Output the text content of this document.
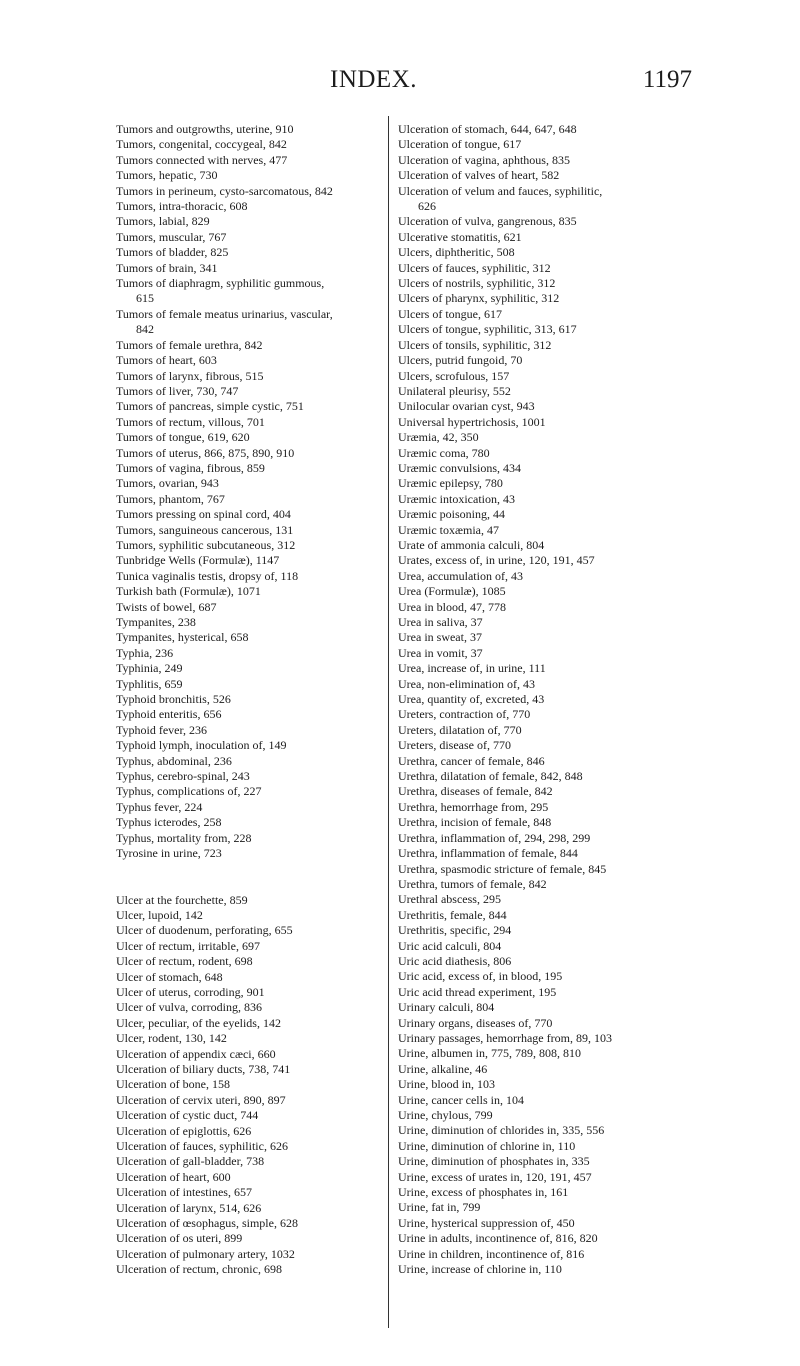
INDEX.	1197
Tumors and outgrowths, uterine, 910
Tumors, congenital, coccygeal, 842
Tumors connected with nerves, 477
Tumors, hepatic, 730
Tumors in perineum, cysto-sarcomatous, 842
Tumors, intra-thoracic, 608
Tumors, labial, 829
Tumors, muscular, 767
Tumors of bladder, 825
Tumors of brain, 341
Tumors of diaphragm, syphilitic gummous,
615
Tumors of female meatus urinarius, vascular,
842
Tumors of female urethra, 842
Tumors of heart, 603
Tumors of larynx, fibrous, 515
Tumors of liver, 730, 747
Tumors of pancreas, simple cystic, 751
Tumors of rectum, villous, 701
Tumors of tongue, 619, 620
Tumors of uterus, 866, 875, 890, 910
Tumors of vagina, fibrous, 859
Tumors, ovarian, 943
Tumors, phantom, 767
Tumors pressing on spinal cord, 404
Tumors, sanguineous cancerous, 131
Tumors, syphilitic subcutaneous, 312
Tunbridge Wells (Formulæ), 1147
Tunica vaginalis testis, dropsy of, 118
Turkish bath (Formulæ), 1071
Twists of bowel, 687
Tympanites, 238
Tympanites, hysterical, 658
Typhia, 236
Typhinia, 249
Typhlitis, 659
Typhoid bronchitis, 526
Typhoid enteritis, 656
Typhoid fever, 236
Typhoid lymph, inoculation of, 149
Typhus, abdominal, 236
Typhus, cerebro-spinal, 243
Typhus, complications of, 227
Typhus fever, 224
Typhus icterodes, 258
Typhus, mortality from, 228
Tyrosine in urine, 723
Ulcer at the fourchette, 859
Ulcer, lupoid, 142
Ulcer of duodenum, perforating, 655
Ulcer of rectum, irritable, 697
Ulcer of rectum, rodent, 698
Ulcer of stomach, 648
Ulcer of uterus, corroding, 901
Ulcer of vulva, corroding, 836
Ulcer, peculiar, of the eyelids, 142
Ulcer, rodent, 130, 142
Ulceration of appendix cæci, 660
Ulceration of biliary ducts, 738, 741
Ulceration of bone, 158
Ulceration of cervix uteri, 890, 897
Ulceration of cystic duct, 744
Ulceration of epiglottis, 626
Ulceration of fauces, syphilitic, 626
Ulceration of gall-bladder, 738
Ulceration of heart, 600
Ulceration of intestines, 657
Ulceration of larynx, 514, 626
Ulceration of œsophagus, simple, 628
Ulceration of os uteri, 899
Ulceration of pulmonary artery, 1032
Ulceration of rectum, chronic, 698
Ulceration of stomach, 644, 647, 648
Ulceration of tongue, 617
Ulceration of vagina, aphthous, 835
Ulceration of valves of heart, 582
Ulceration of velum and fauces, syphilitic,
626
Ulceration of vulva, gangrenous, 835
Ulcerative stomatitis, 621
Ulcers, diphtheritic, 508
Ulcers of fauces, syphilitic, 312
Ulcers of nostrils, syphilitic, 312
Ulcers of pharynx, syphilitic, 312
Ulcers of tongue, 617
Ulcers of tongue, syphilitic, 313, 617
Ulcers of tonsils, syphilitic, 312
Ulcers, putrid fungoid, 70
Ulcers, scrofulous, 157
Unilateral pleurisy, 552
Unilocular ovarian cyst, 943
Universal hypertrichosis, 1001
Uræmia, 42, 350
Uræmic coma, 780
Uræmic convulsions, 434
Uræmic epilepsy, 780
Uræmic intoxication, 43
Uræmic poisoning, 44
Uræmic toxæmia, 47
Urate of ammonia calculi, 804
Urates, excess of, in urine, 120, 191, 457
Urea, accumulation of, 43
Urea (Formulæ), 1085
Urea in blood, 47, 778
Urea in saliva, 37
Urea in sweat, 37
Urea in vomit, 37
Urea, increase of, in urine, 111
Urea, non-elimination of, 43
Urea, quantity of, excreted, 43
Ureters, contraction of, 770
Ureters, dilatation of, 770
Ureters, disease of, 770
Urethra, cancer of female, 846
Urethra, dilatation of female, 842, 848
Urethra, diseases of female, 842
Urethra, hemorrhage from, 295
Urethra, incision of female, 848
Urethra, inflammation of, 294, 298, 299
Urethra, inflammation of female, 844
Urethra, spasmodic stricture of female, 845
Urethra, tumors of female, 842
Urethral abscess, 295
Urethritis, female, 844
Urethritis, specific, 294
Uric acid calculi, 804
Uric acid diathesis, 806
Uric acid, excess of, in blood, 195
Uric acid thread experiment, 195
Urinary calculi, 804
Urinary organs, diseases of, 770
Urinary passages, hemorrhage from, 89, 103
Urine, albumen in, 775, 789, 808, 810
Urine, alkaline, 46
Urine, blood in, 103
Urine, cancer cells in, 104
Urine, chylous, 799
Urine, diminution of chlorides in, 335, 556
Urine, diminution of chlorine in, 110
Urine, diminution of phosphates in, 335
Urine, excess of urates in, 120, 191, 457
Urine, excess of phosphates in, 161
Urine, fat in, 799
Urine, hysterical suppression of, 450
Urine in adults, incontinence of, 816, 820
Urine in children, incontinence of, 816
Urine, increase of chlorine in, 110
